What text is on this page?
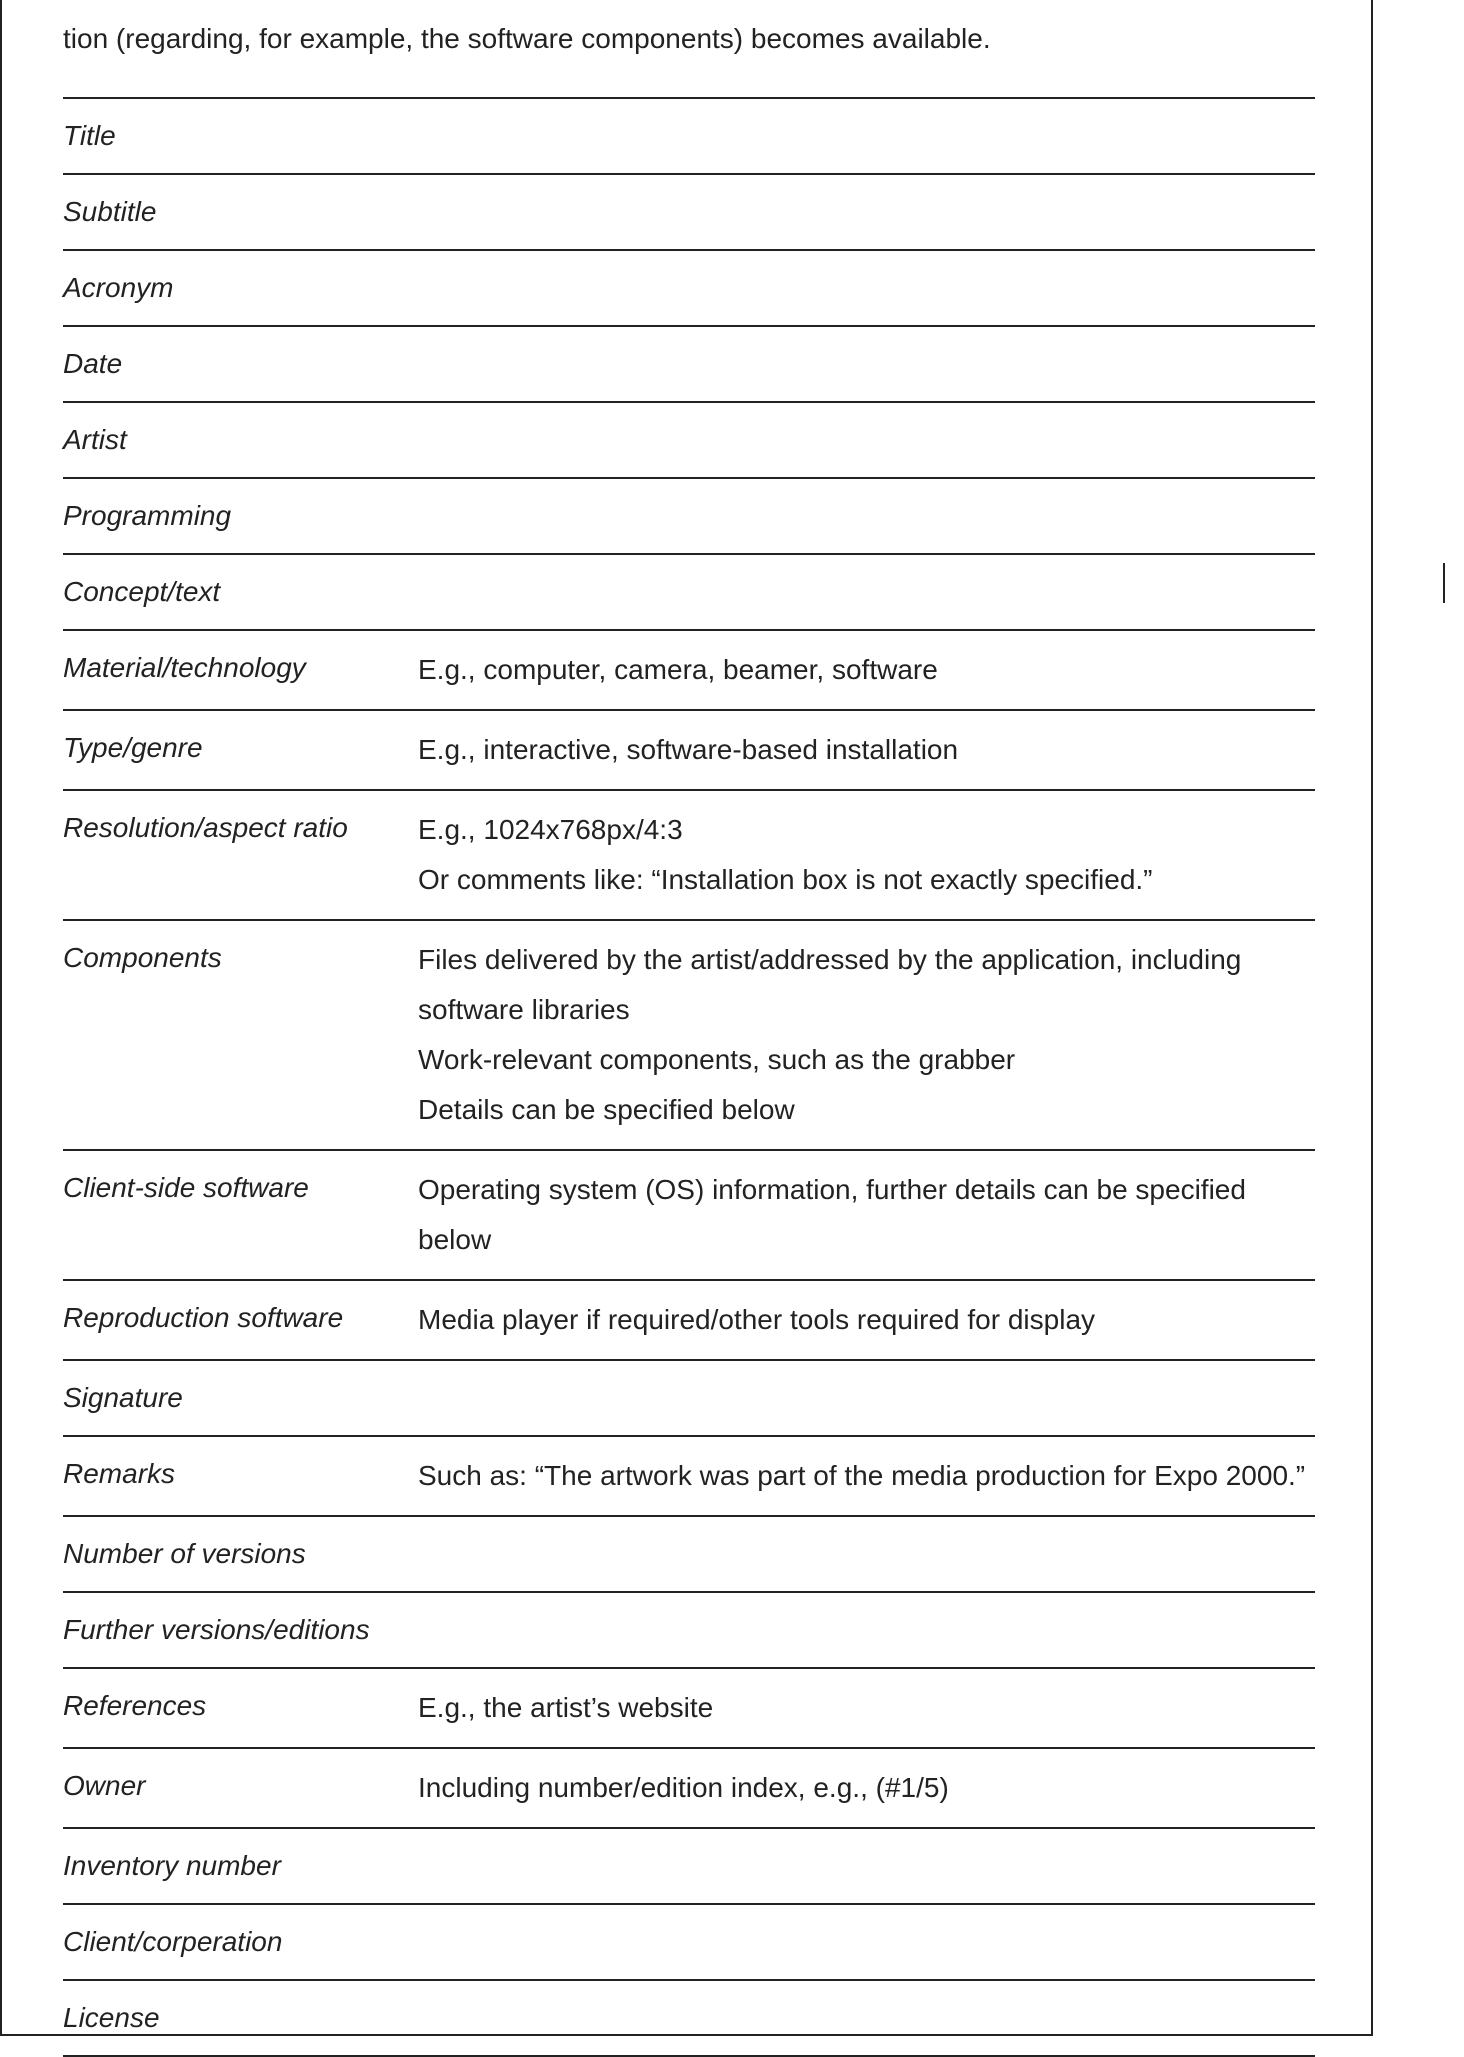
tion (regarding, for example, the software components) becomes available.
Title
Subtitle
Acronym
Date
Artist
Programming
Concept/text
Material/technology	E.g., computer, camera, beamer, software
Type/genre	E.g., interactive, software-based installation
Resolution/aspect ratio	E.g., 1024x768px/4:3
Or comments like: “Installation box is not exactly specified.”
Components	Files delivered by the artist/addressed by the application, including
software libraries
Work-relevant components, such as the grabber
Details can be specified below
Client-side software	Operating system (OS) information, further details can be specified
below
Reproduction software	Media player if required/other tools required for display
Signature
Remarks	Such as: “The artwork was part of the media production for Expo 2000.”
Number of versions
Further versions/editions
References	E.g., the artist’s website
Owner	Including number/edition index, e.g., (#1/5)
Inventory number
Client/corperation
License
